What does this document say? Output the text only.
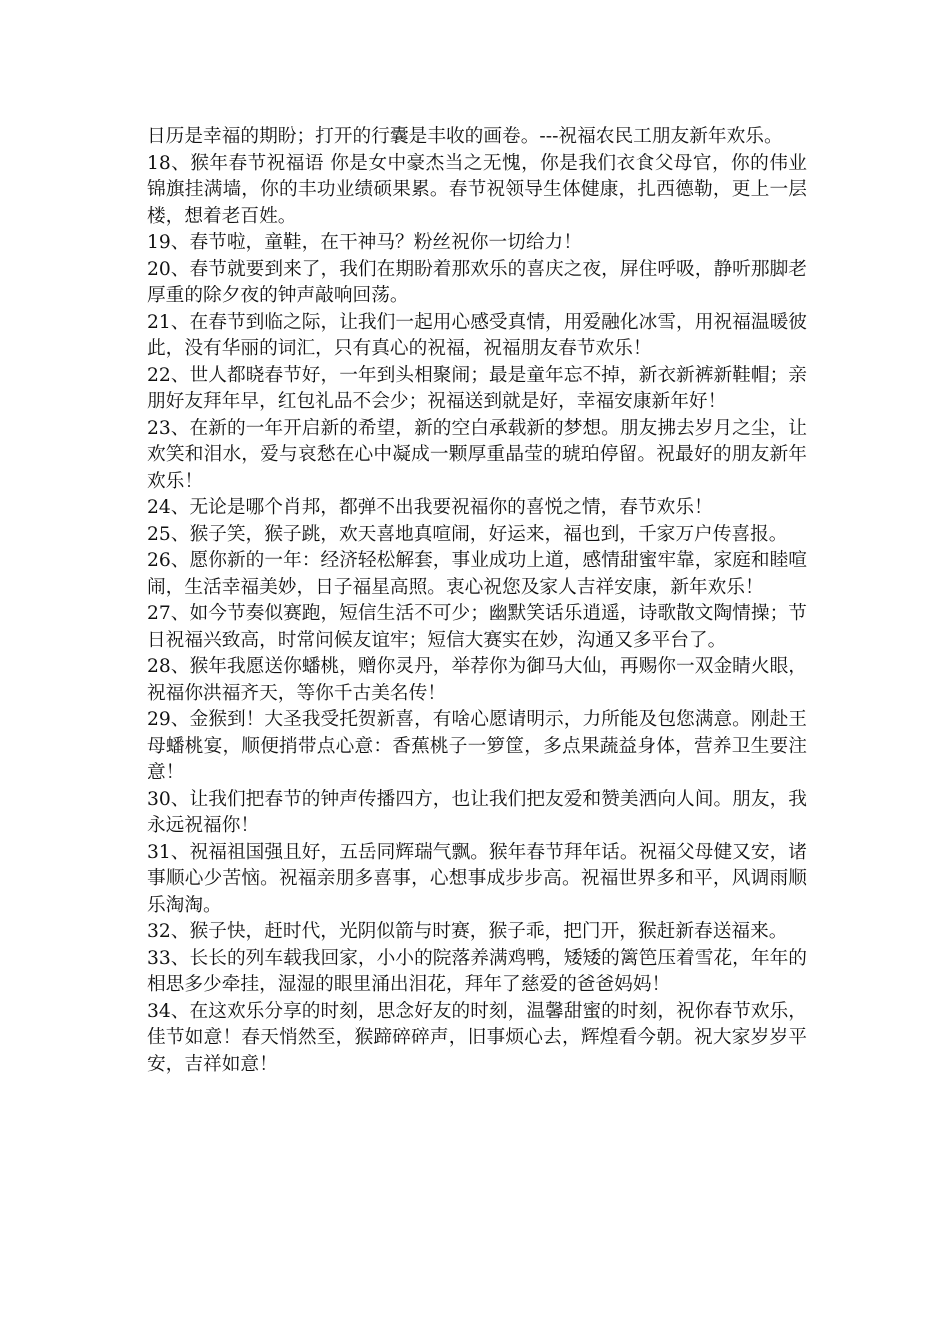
日历是幸福的期盼；打开的行囊是丰收的画卷。---祝福农民工朋友新年欢乐。

18、猴年春节祝福语 你是女中豪杰当之无愧，你是我们衣食父母官，你的伟业锦旗挂满墙，你的丰功业绩硕果累。春节祝领导生体健康，扎西德勒，更上一层楼，想着老百姓。

19、春节啦，童鞋，在干神马？粉丝祝你一切给力！

20、春节就要到来了，我们在期盼着那欢乐的喜庆之夜，屏住呼吸，静听那脚老厚重的除夕夜的钟声敲响回荡。

21、在春节到临之际，让我们一起用心感受真情，用爱融化冰雪，用祝福温暖彼此，没有华丽的词汇，只有真心的祝福，祝福朋友春节欢乐！

22、世人都晓春节好，一年到头相聚闹；最是童年忘不掉，新衣新裤新鞋帽；亲朋好友拜年早，红包礼品不会少；祝福送到就是好，幸福安康新年好！

23、在新的一年开启新的希望，新的空白承载新的梦想。朋友拂去岁月之尘，让欢笑和泪水，爱与哀愁在心中凝成一颗厚重晶莹的琥珀停留。祝最好的朋友新年欢乐！

24、无论是哪个肖邦，都弹不出我要祝福你的喜悦之情，春节欢乐！

25、猴子笑，猴子跳，欢天喜地真喧闹，好运来，福也到，千家万户传喜报。

26、愿你新的一年：经济轻松解套，事业成功上道，感情甜蜜牢靠，家庭和睦喧闹，生活幸福美妙，日子福星高照。衷心祝您及家人吉祥安康，新年欢乐！

27、如今节奏似赛跑，短信生活不可少；幽默笑话乐逍遥，诗歌散文陶情操；节日祝福兴致高，时常问候友谊牢；短信大赛实在妙，沟通又多平台了。

28、猴年我愿送你蟠桃，赠你灵丹，举荐你为御马大仙，再赐你一双金睛火眼，祝福你洪福齐天，等你千古美名传！

29、金猴到！大圣我受托贺新喜，有啥心愿请明示，力所能及包您满意。刚赴王母蟠桃宴，顺便捎带点心意：香蕉桃子一箩筐，多点果蔬益身体，营养卫生要注意！

30、让我们把春节的钟声传播四方，也让我们把友爱和赞美洒向人间。朋友，我永远祝福你！

31、祝福祖国强且好，五岳同辉瑞气飘。猴年春节拜年话。祝福父母健又安，诸事顺心少苦恼。祝福亲朋多喜事，心想事成步步高。祝福世界多和平，风调雨顺乐淘淘。

32、猴子快，赶时代，光阴似箭与时赛，猴子乖，把门开，猴赶新春送福来。

33、长长的列车载我回家，小小的院落养满鸡鸭，矮矮的篱笆压着雪花，年年的相思多少牵挂，湿湿的眼里涌出泪花，拜年了慈爱的爸爸妈妈！

34、在这欢乐分享的时刻，思念好友的时刻，温馨甜蜜的时刻，祝你春节欢乐，佳节如意！春天悄然至，猴蹄碎碎声，旧事烦心去，辉煌看今朝。祝大家岁岁平安，吉祥如意！
